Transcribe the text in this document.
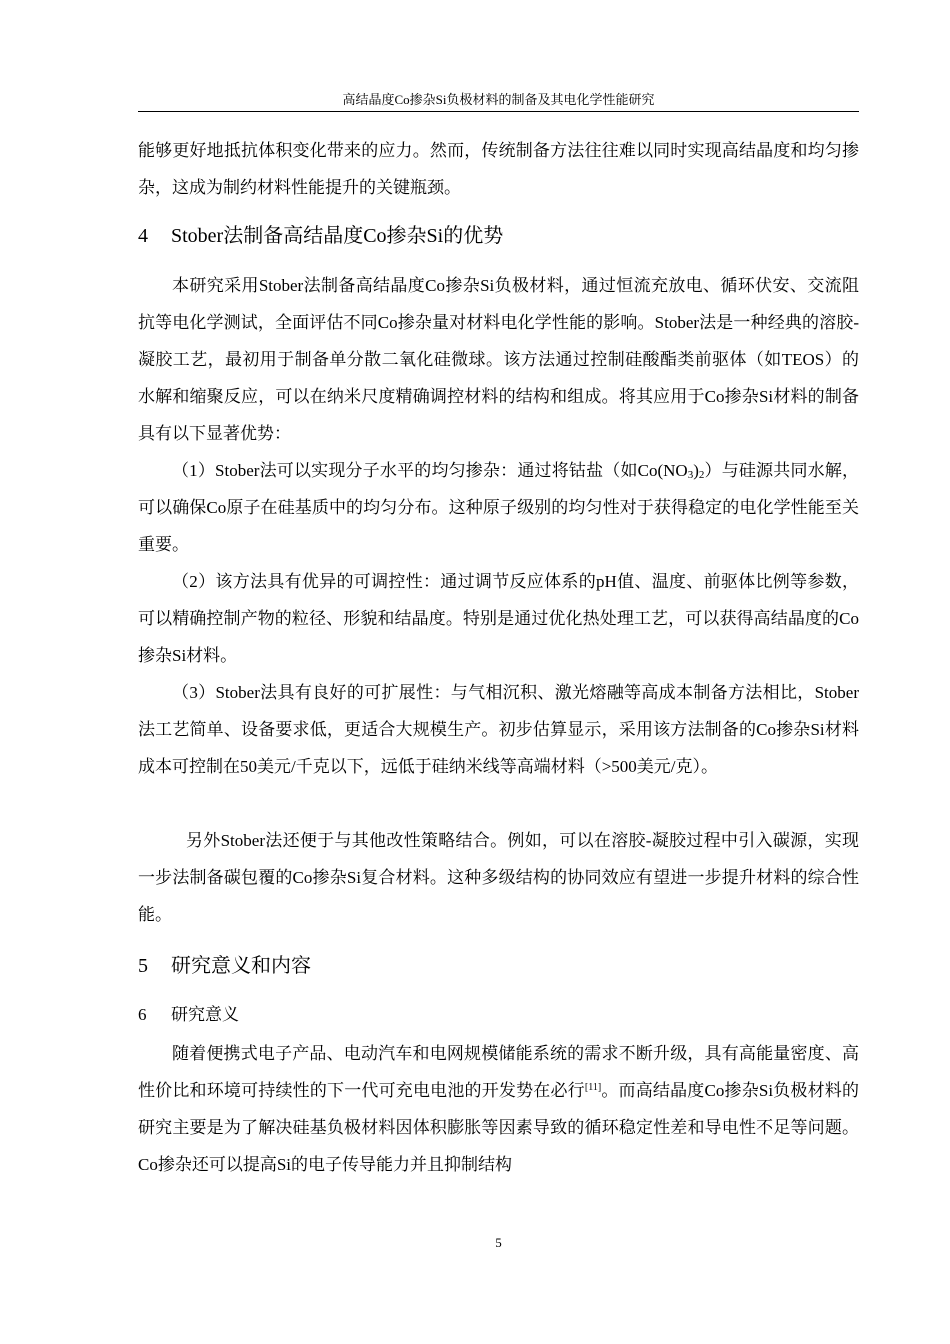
高结晶度Co掺杂Si负极材料的制备及其电化学性能研究

能够更好地抵抗体积变化带来的应力。然而，传统制备方法往往难以同时实现高结晶度和均匀掺杂，这成为制约材料性能提升的关键瓶颈。

4 Stober法制备高结晶度Co掺杂Si的优势

本研究采用Stober法制备高结晶度Co掺杂Si负极材料，通过恒流充放电、循环伏安、交流阻抗等电化学测试，全面评估不同Co掺杂量对材料电化学性能的影响。Stober法是一种经典的溶胶-凝胶工艺，最初用于制备单分散二氧化硅微球。该方法通过控制硅酸酯类前驱体（如TEOS）的水解和缩聚反应，可以在纳米尺度精确调控材料的结构和组成。将其应用于Co掺杂Si材料的制备具有以下显著优势：

（1）Stober法可以实现分子水平的均匀掺杂：通过将钴盐（如$Co(NO_3)_2$）与硅源共同水解，可以确保Co原子在硅基质中的均匀分布。这种原子级别的均匀性对于获得稳定的电化学性能至关重要。

（2）该方法具有优异的可调控性：通过调节反应体系的pH值、温度、前驱体比例等参数，可以精确控制产物的粒径、形貌和结晶度。特别是通过优化热处理工艺，可以获得高结晶度的Co掺杂Si材料。

（3）Stober法具有良好的可扩展性：与气相沉积、激光熔融等高成本制备方法相比，Stober法工艺简单、设备要求低，更适合大规模生产。初步估算显示，采用该方法制备的Co掺杂Si材料成本可控制在50美元/千克以下，远低于硅纳米线等高端材料（>500美元/克）。

另外Stober法还便于与其他改性策略结合。例如，可以在溶胶-凝胶过程中引入碳源，实现一步法制备碳包覆的Co掺杂Si复合材料。这种多级结构的协同效应有望进一步提升材料的综合性能。

5 研究意义和内容
6 研究意义

随着便携式电子产品、电动汽车和电网规模储能系统的需求不断升级，具有高能量密度、高性价比和环境可持续性的下一代可充电电池的开发势在必行[11]。而高结晶度Co掺杂Si负极材料的研究主要是为了解决硅基负极材料因体积膨胀等因素导致的循环稳定性差和导电性不足等问题。Co掺杂还可以提高Si的电子传导能力并且抑制结构

5
